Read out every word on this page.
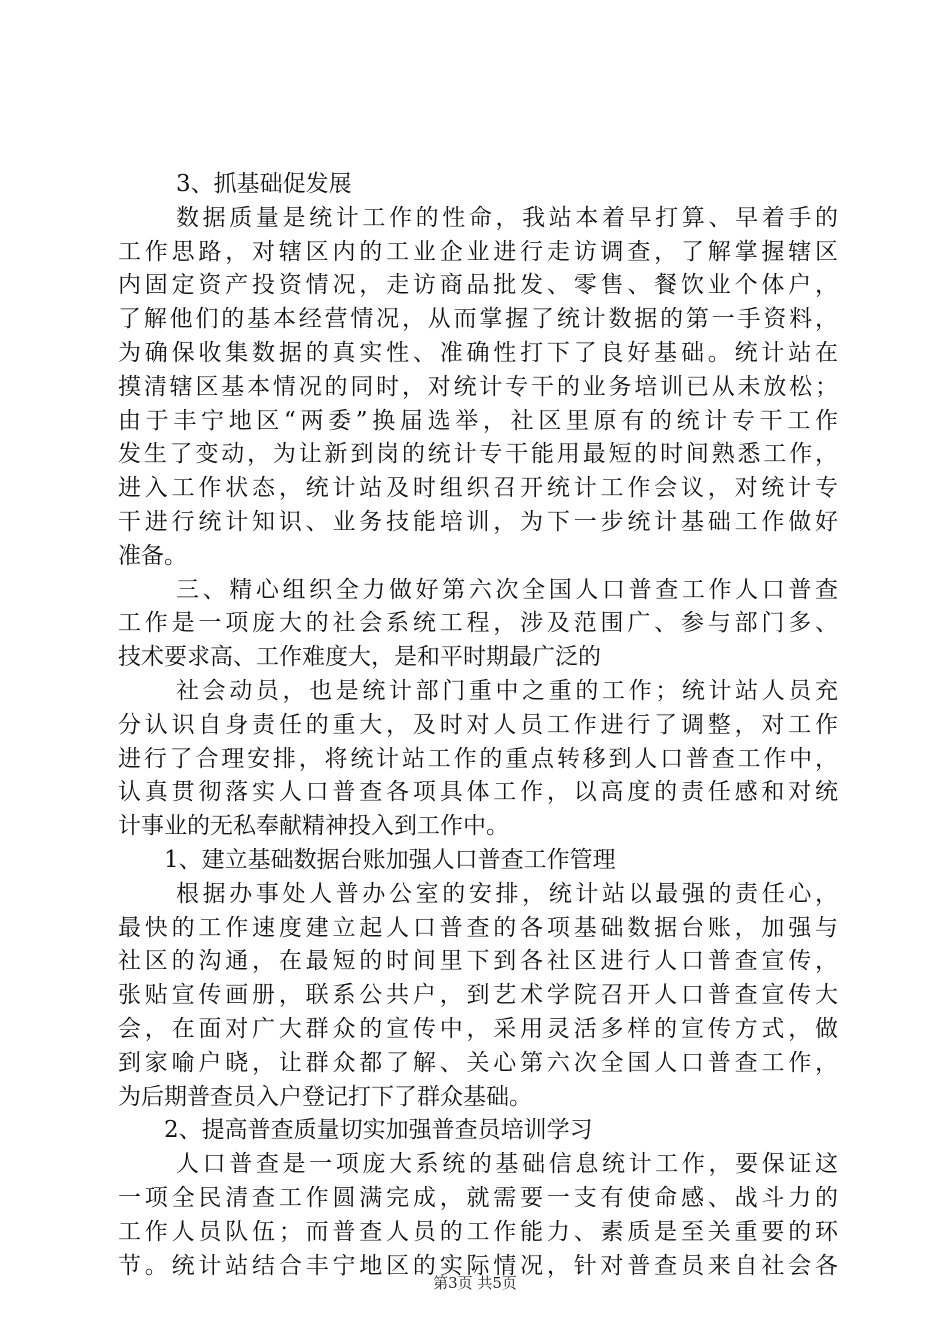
3、抓基础促发展
数据质量是统计工作的性命，我站本着早打算、早着手的
工作思路，对辖区内的工业企业进行走访调查，了解掌握辖区
内固定资产投资情况，走访商品批发、零售、餐饮业个体户，
了解他们的基本经营情况，从而掌握了统计数据的第一手资料，
为确保收集数据的真实性、准确性打下了良好基础。统计站在
摸清辖区基本情况的同时，对统计专干的业务培训已从未放松；
由于丰宁地区“两委”换届选举，社区里原有的统计专干工作
发生了变动，为让新到岗的统计专干能用最短的时间熟悉工作，
进入工作状态，统计站及时组织召开统计工作会议，对统计专
干进行统计知识、业务技能培训，为下一步统计基础工作做好
准备。
三、精心组织全力做好第六次全国人口普查工作人口普查
工作是一项庞大的社会系统工程，涉及范围广、参与部门多、
技术要求高、工作难度大，是和平时期最广泛的
社会动员，也是统计部门重中之重的工作；统计站人员充
分认识自身责任的重大，及时对人员工作进行了调整，对工作
进行了合理安排，将统计站工作的重点转移到人口普查工作中，
认真贯彻落实人口普查各项具体工作，以高度的责任感和对统
计事业的无私奉献精神投入到工作中。
1、建立基础数据台账加强人口普查工作管理
根据办事处人普办公室的安排，统计站以最强的责任心，
最快的工作速度建立起人口普查的各项基础数据台账，加强与
社区的沟通，在最短的时间里下到各社区进行人口普查宣传，
张贴宣传画册，联系公共户，到艺术学院召开人口普查宣传大
会，在面对广大群众的宣传中，采用灵活多样的宣传方式，做
到家喻户晓，让群众都了解、关心第六次全国人口普查工作，
为后期普查员入户登记打下了群众基础。
2、提高普查质量切实加强普查员培训学习
人口普查是一项庞大系统的基础信息统计工作，要保证这
一项全民清查工作圆满完成，就需要一支有使命感、战斗力的
工作人员队伍；而普查人员的工作能力、素质是至关重要的环
节。统计站结合丰宁地区的实际情况，针对普查员来自社会各
第3页 共5页
